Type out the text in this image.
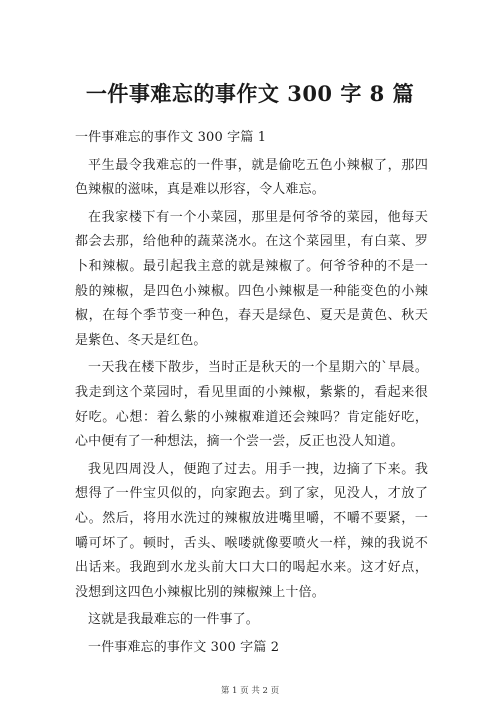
一件事难忘的事作文 300 字 8 篇

一件事难忘的事作文 300 字篇 1

平生最令我难忘的一件事，就是偷吃五色小辣椒了，那四色辣椒的滋味，真是难以形容，令人难忘。

在我家楼下有一个小菜园，那里是何爷爷的菜园，他每天都会去那，给他种的蔬菜浇水。在这个菜园里，有白菜、罗卜和辣椒。最引起我主意的就是辣椒了。何爷爷种的不是一般的辣椒，是四色小辣椒。四色小辣椒是一种能变色的小辣椒，在每个季节变一种色，春天是绿色、夏天是黄色、秋天是紫色、冬天是红色。

一天我在楼下散步，当时正是秋天的一个星期六的`早晨。我走到这个菜园时，看见里面的小辣椒，紫紫的，看起来很好吃。心想：着么紫的小辣椒难道还会辣吗？肯定能好吃，心中便有了一种想法，摘一个尝一尝，反正也没人知道。

我见四周没人，便跑了过去。用手一拽，边摘了下来。我想得了一件宝贝似的，向家跑去。到了家，见没人，才放了心。然后，将用水洗过的辣椒放进嘴里嚼，不嚼不要紧，一嚼可坏了。顿时，舌头、喉喽就像要喷火一样，辣的我说不出话来。我跑到水龙头前大口大口的喝起水来。这才好点，没想到这四色小辣椒比别的辣椒辣上十倍。

这就是我最难忘的一件事了。

一件事难忘的事作文 300 字篇 2

第 1 页 共 2 页
